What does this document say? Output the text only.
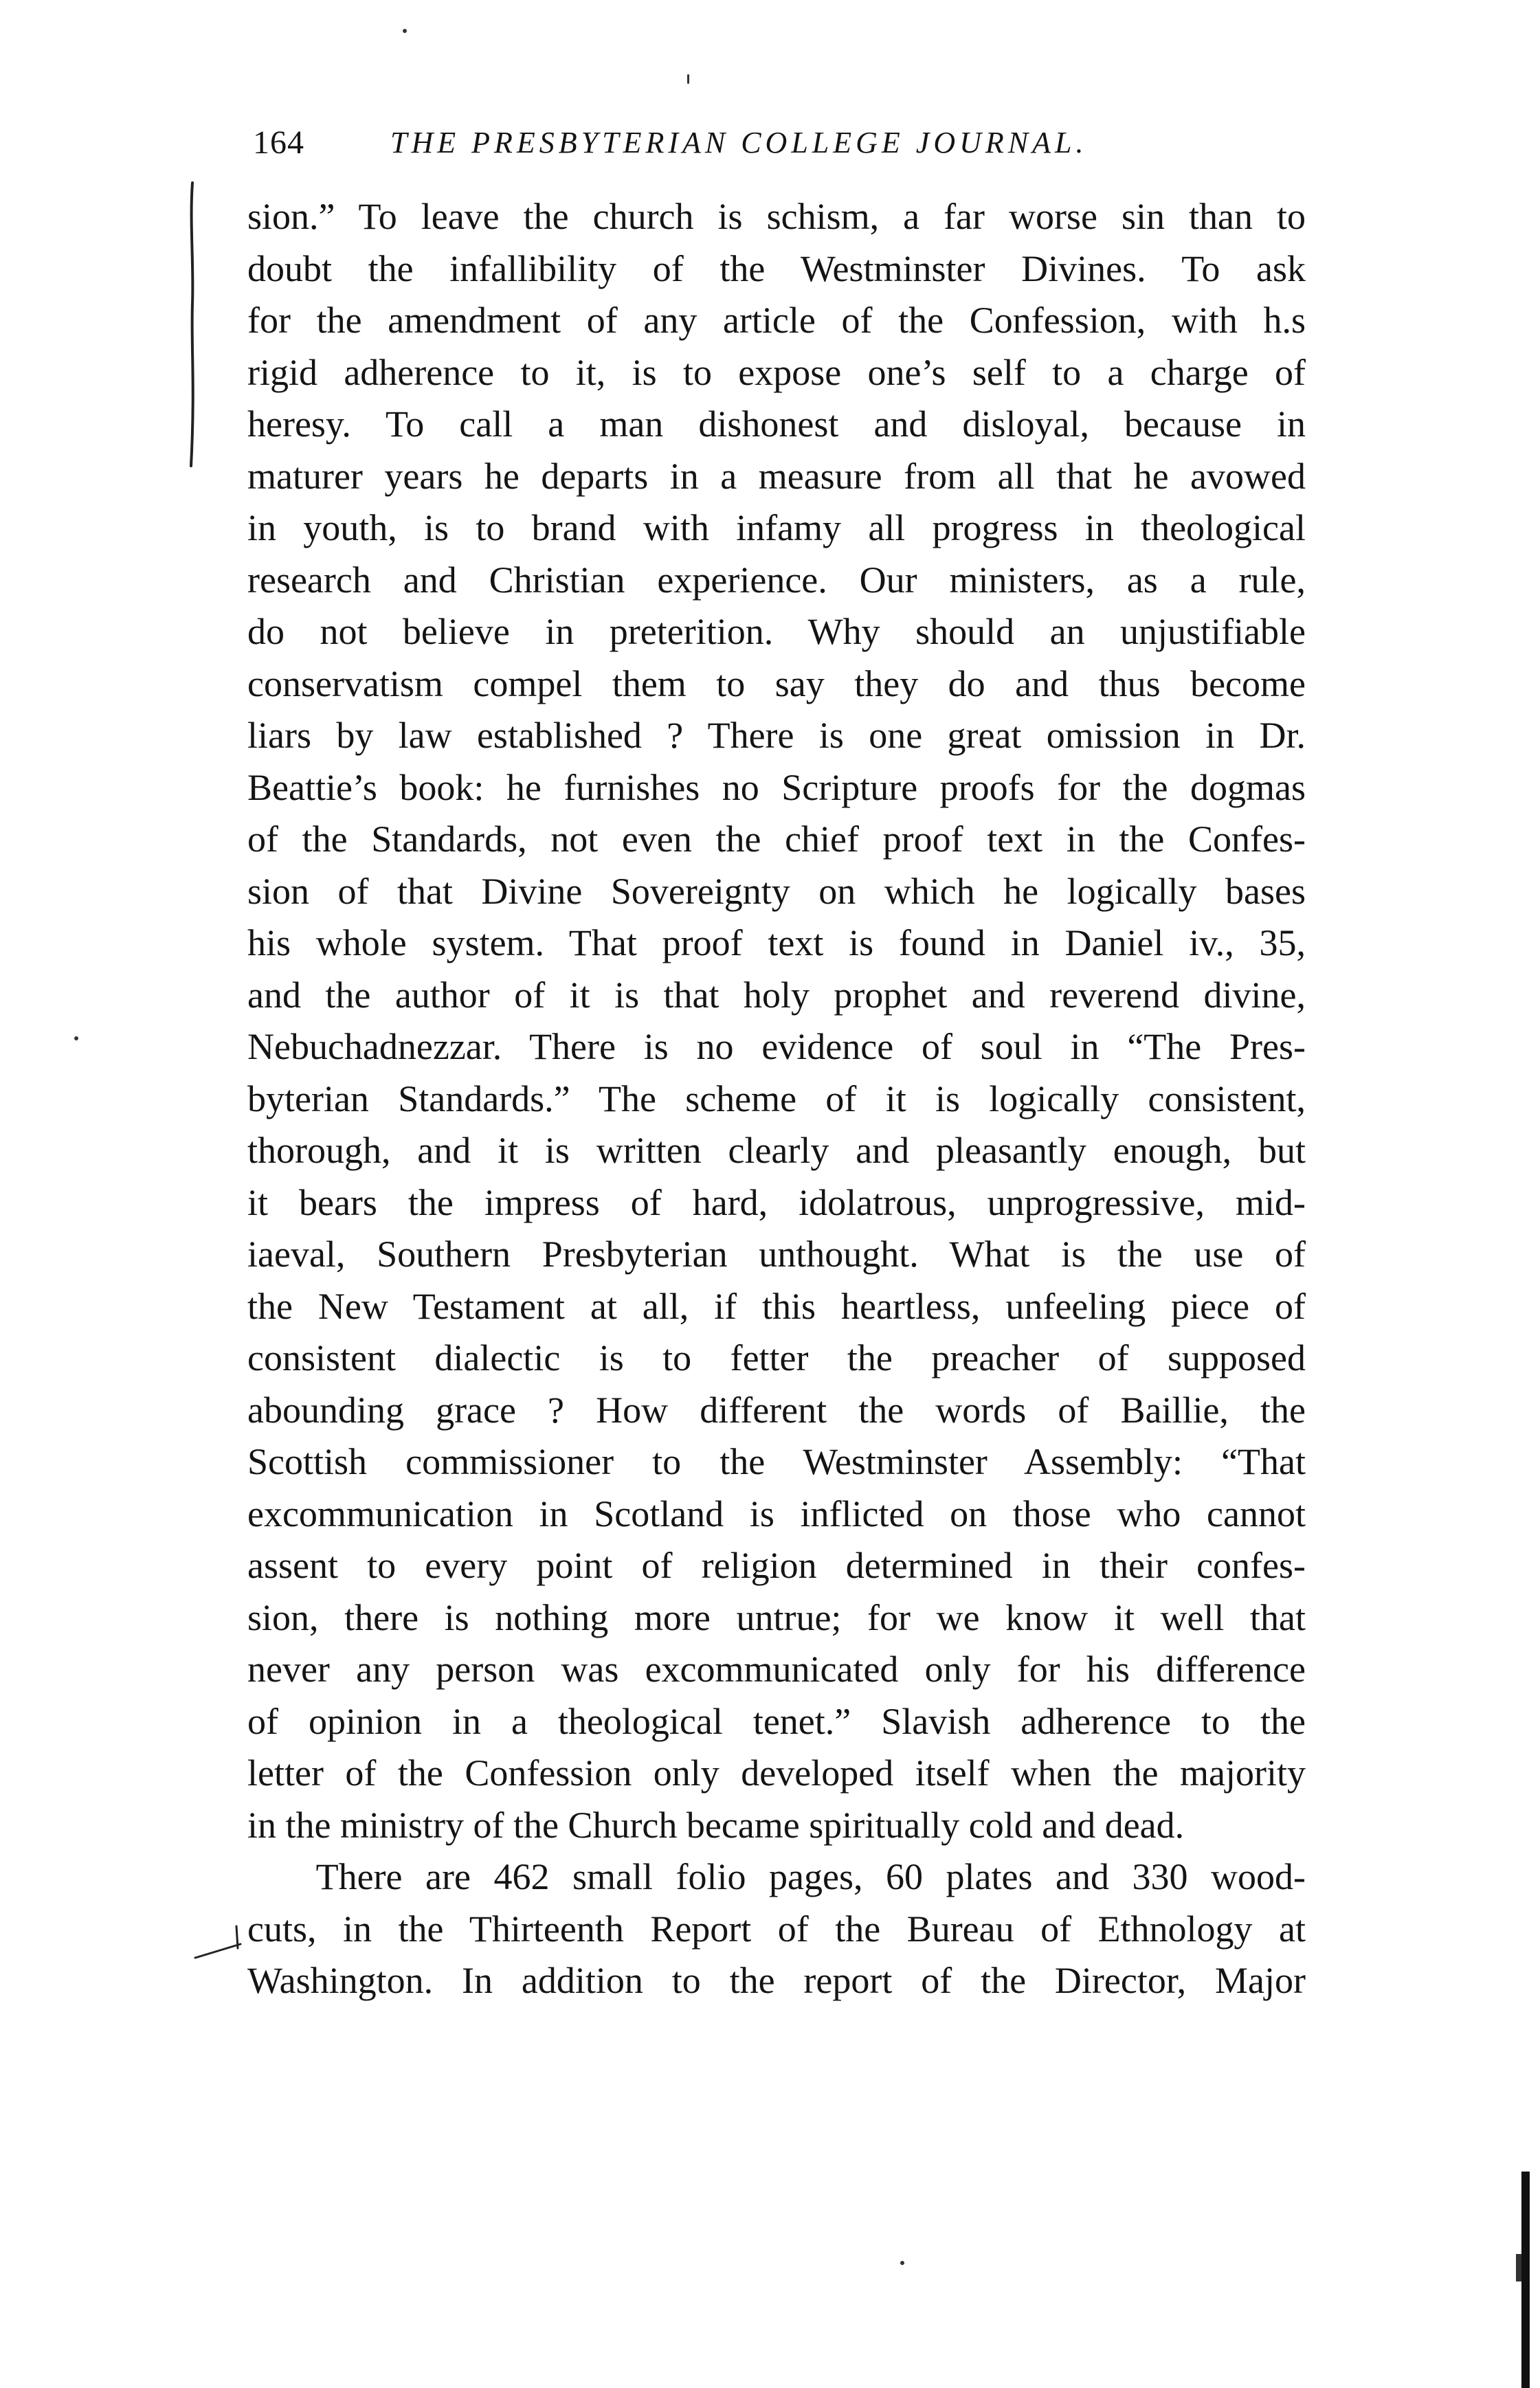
164	THE PRESBYTERIAN COLLEGE JOURNAL.
sion.” To leave the church is schism, a far worse sin than to
doubt the infallibility of the Westminster Divines. To ask
for the amendment of any article of the Confession, with h.s
rigid adherence to it, is to expose one’s self to a charge of
heresy. To call a man dishonest and disloyal, because in
maturer years he departs in a measure from all that he avowed
in youth, is to brand with infamy all progress in theological
research and Christian experience. Our ministers, as a rule,
do not believe in preterition. Why should an unjustifiable
conservatism compel them to say they do and thus become
liars by law established ? There is one great omission in Dr.
Beattie’s book: he furnishes no Scripture proofs for the dogmas
of the Standards, not even the chief proof text in the Confes-
sion of that Divine Sovereignty on which he logically bases
his whole system. That proof text is found in Daniel iv., 35,
and the author of it is that holy prophet and reverend divine,
Nebuchadnezzar. There is no evidence of soul in “The Pres-
byterian Standards.” The scheme of it is logically consistent,
thorough, and it is written clearly and pleasantly enough, but
it bears the impress of hard, idolatrous, unprogressive, mid-
iaeval, Southern Presbyterian unthought. What is the use of
the New Testament at all, if this heartless, unfeeling piece of
consistent dialectic is to fetter the preacher of supposed
abounding grace ? How different the words of Baillie, the
Scottish commissioner to the Westminster Assembly: “That
excommunication in Scotland is inflicted on those who cannot
assent to every point of religion determined in their confes-
sion, there is nothing more untrue; for we know it well that
never any person was excommunicated only for his difference
of opinion in a theological tenet.” Slavish adherence to the
letter of the Confession only developed itself when the majority
in the ministry of the Church became spiritually cold and dead.
There are 462 small folio pages, 60 plates and 330 wood-
cuts, in the Thirteenth Report of the Bureau of Ethnology at
Washington. In addition to the report of the Director, Major
